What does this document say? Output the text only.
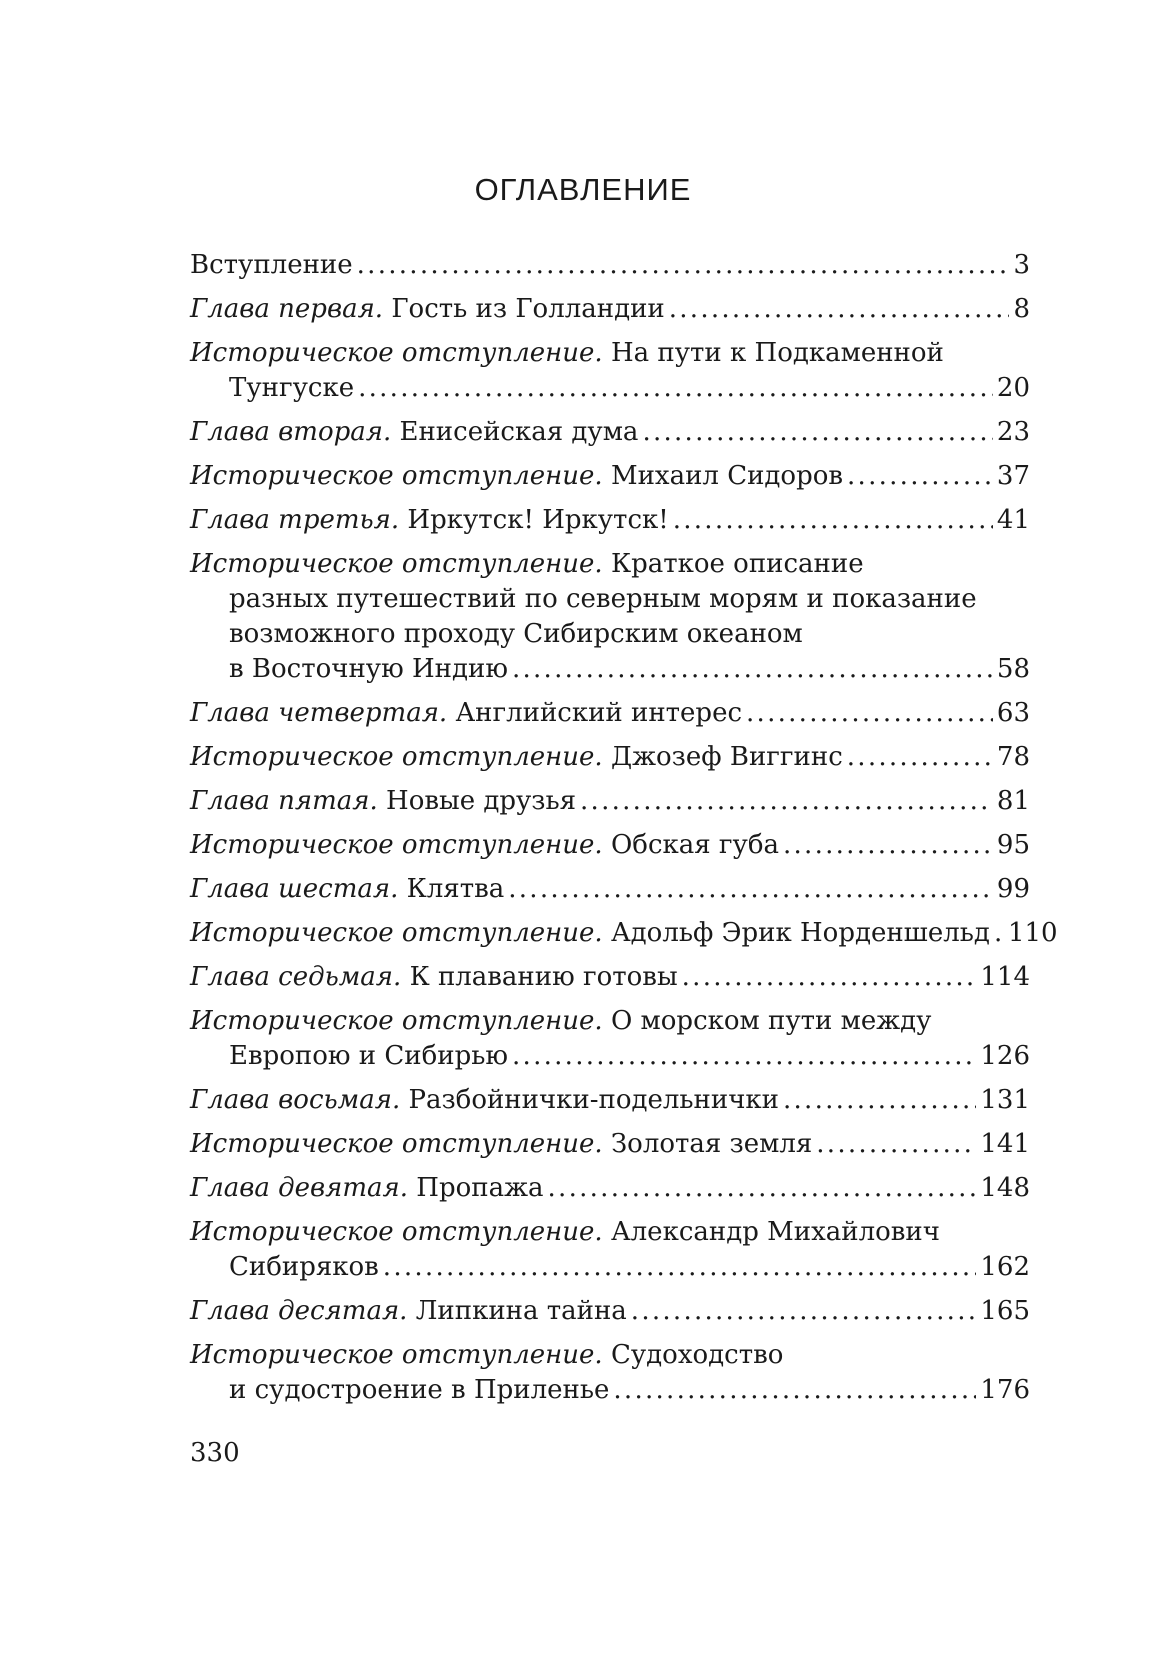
ОГЛАВЛЕНИЕ
Вступление . . .	3
Глава первая. Гость из Голландии . . .	8
Историческое отступление. На пути к Подкаменной
Тунгуске . . .	20
Глава вторая. Енисейская дума . . .	23
Историческое отступление. Михаил Сидоров . . .	37
Глава третья. Иркутск! Иркутск! . . .	41
Историческое отступление. Краткое описание
разных путешествий по северным морям и показание
возможного проходу Сибирским океаном
в Восточную Индию . . .	58
Глава четвертая. Английский интерес . . .	63
Историческое отступление. Джозеф Виггинс . . .	78
Глава пятая. Новые друзья . . .	81
Историческое отступление. Обская губа . . .	95
Глава шестая. Клятва . . .	99
Историческое отступление. Адольф Эрик Норденшельд . . . 110
Глава седьмая. К плаванию готовы . . .	114
Историческое отступление. О морском пути между
Европою и Сибирью . . .	126
Глава восьмая. Разбойнички-подельнички . . .	131
Историческое отступление. Золотая земля . . .	141
Глава девятая. Пропажа . . .	148
Историческое отступление. Александр Михайлович
Сибиряков . . .	162
Глава десятая. Липкина тайна . . .	165
Историческое отступление. Судоходство
и судостроение в Приленье . . .	176
330
